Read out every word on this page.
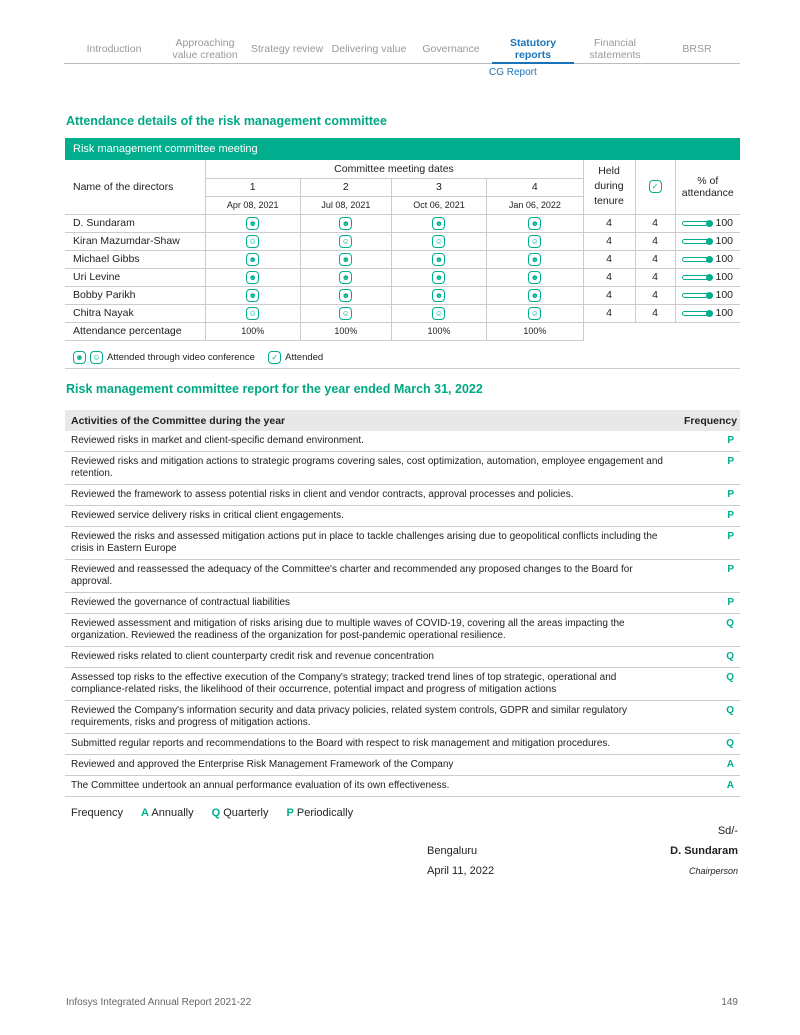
Introduction	Approaching value creation	Strategy review Delivering value	Governance	Statutory reports
Financial statements	BRSR
CG Report
Attendance details of the risk management committee
Risk management committee meeting
Name of the directors	Committee meeting dates				Held during tenure	✓	% of attendance
	1	2	3	4			
	Apr 08, 2021	Jul 08, 2021	Oct 06, 2021	Jan 06, 2022			
D. Sundaram	☻	☻	☻	☻	4	4	100
Kiran Mazumdar-Shaw	☺	☺	☺	☺	4	4	100
Michael Gibbs	☻	☻	☻	☻	4	4	100
Uri Levine	☻	☻	☻	☻	4	4	100
Bobby Parikh	☻	☻	☻	☻	4	4	100
Chitra Nayak	☺	☺	☺	☺	4	4	100
Attendance percentage	100%	100%	100%	100%			
☻	☺ Attended through video conference
	✓ Attended
Risk management committee report for the year ended March 31, 2022
Activities of the Committee during the year	Frequency
Reviewed risks in market and client-specific demand environment.	P
Reviewed risks and mitigation actions to strategic programs covering sales, cost optimization, automation, employee engagement and retention.	P
Reviewed the framework to assess potential risks in client and vendor contracts, approval processes and policies.	P
Reviewed service delivery risks in critical client engagements.	P
Reviewed the risks and assessed mitigation actions put in place to tackle challenges arising due to geopolitical conflicts including the crisis in Eastern Europe	P
Reviewed and reassessed the adequacy of the Committee's charter and recommended any proposed changes to the Board for approval.	P
Reviewed the governance of contractual liabilities	P
Reviewed assessment and mitigation of risks arising due to multiple waves of COVID-19, covering all the areas impacting the organization. Reviewed the readiness of the organization for post-pandemic operational resilience.	Q
Reviewed risks related to client counterparty credit risk and revenue concentration	Q
Assessed top risks to the effective execution of the Company's strategy; tracked trend lines of top strategic, operational and compliance-related risks, the likelihood of their occurrence, potential impact and progress of mitigation actions	Q
Reviewed the Company's information security and data privacy policies, related system controls, GDPR and similar regulatory requirements, risks and progress of mitigation actions.	Q
Submitted regular reports and recommendations to the Board with respect to risk management and mitigation procedures.	Q
Reviewed and approved the Enterprise Risk Management Framework of the Company	A
The Committee undertook an annual performance evaluation of its own effectiveness.	A
Frequency A Annually Q Quarterly P Periodically
Sd/-
Bengaluru
April 11, 2022
D. Sundaram
Chairperson
Infosys Integrated Annual Report 2021-22	149
